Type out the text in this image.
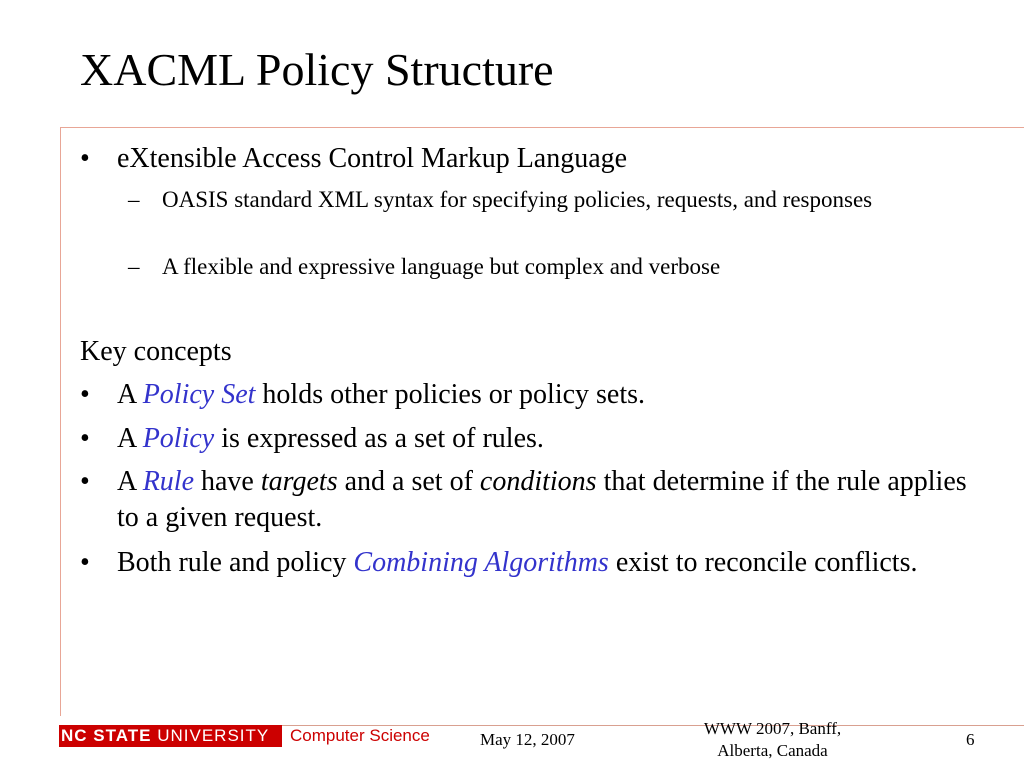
XACML Policy Structure
• eXtensible Access Control Markup Language
– OASIS standard XML syntax for specifying policies, requests, and responses
– A flexible and expressive language but complex and verbose
Key concepts
• A Policy Set holds other policies or policy sets.
• A Policy is expressed as a set of rules.
• A Rule have targets and a set of conditions that determine if the rule applies to a given request.
• Both rule and policy Combining Algorithms exist to reconcile conflicts.
NC STATE UNIVERSITY	Computer Science	May 12, 2007
WWW 2007, Banff, Alberta, Canada
6
